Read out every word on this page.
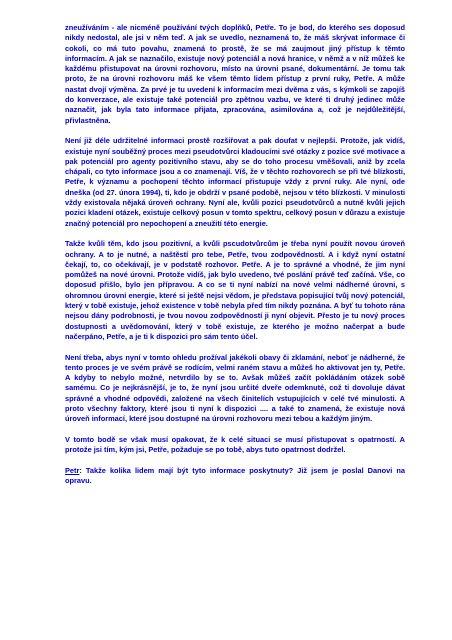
zneužíváním - ale nicméně používání tvých doplňků, Petře. To je bod, do kterého ses doposud nikdy nedostal, ale jsi v něm teď. A jak se uvedlo, neznamená to, že máš skrývat informace či cokoli, co má tuto povahu, znamená to prostě, že se má zaujmout jiný přístup k těmto informacím. A jak se naznačilo, existuje nový potenciál a nová hranice, v němž a v níž můžeš ke každému přistupovat na úrovni rozhovoru, místo na úrovni psané, dokumentární. Je tomu tak proto, že na úrovni rozhovoru máš ke všem těmto lidem přístup z první ruky, Petře. A může nastat dvojí výměna. Za prvé je tu uvedení k informacím mezi dvěma z vás, s kýmkoli se zapojíš do konverzace, ale existuje také potenciál pro zpětnou vazbu, ve které ti druhý jedinec může naznačit, jak byla tato informace přijata, zpracována, asimilována a, což je nejdůležitější, přivlastněna.

Není již déle udržitelné informaci prostě rozšiřovat a pak doufat v nejlepší. Protože, jak vidíš, existuje nyní souběžný proces mezi pseudotvůrci kladoucími své otázky z pozice své motivace a pak potenciál pro agenty pozitivního stavu, aby se do toho procesu vměšovali, aniž by zcela chápali, co tyto informace jsou a co znamenají. Víš, že v těchto rozhovorech se při tvé blízkosti, Petře, k významu a pochopení těchto informací přistupuje vždy z první ruky. Ale nyní, ode dneška (od 27. února 1994), ti, kdo je obdrží v psané podobě, nejsou v této blízkosti. V minulosti vždy existovala nějaká úroveň ochrany. Nyní ale, kvůli pozici pseudotvůrců a nutně kvůli jejich pozici kladení otázek, existuje celkový posun v tomto spektru, celkový posun v důrazu a existuje značný potenciál pro nepochopení a zneužití této energie.

Takže kvůli těm, kdo jsou pozitivní, a kvůli pscudotvůrcům je třeba nyní použít novou úroveň ochrany. A to je nutné, a naštěstí pro tebe, Petře, tvou zodpovědností. A i když nyní ostatní čekají, to, co očekávají, je v podstatě rozhovor. Petře. A je to správné a vhodné, že jim nyní pomůžeš na nové úrovni. Protože vidíš, jak bylo uvedeno, tvé poslání právě teď začíná. Vše, co doposud přišlo, bylo jen přípravou. A co se ti nyní nabízí na nové velmi nádherné úrovni, s ohromnou úrovní energie, které si ještě nejsi vědom, je představa popisující tvůj nový potenciál, který v tobě existuje, jehož existence v tobě nebyla před tím nikdy poznána. A byť tu tohoto rána nejsou dány podrobnosti, je tvou novou zodpovědností ji nyní objevit. Přesto je tu nový proces dostupnosti a uvědomování, který v tobě existuje, ze kterého je možno načerpat a bude načerpáno, Petře, a je ti k dispozici pro sám tento účel.

Není třeba, abys nyní v tomto ohledu prožíval jakékoli obavy či zklamání, neboť je nádherné, že tento proces je ve svém právě se rodícím, velmi raném stavu a můžeš ho aktivovat jen ty, Petře. A kdyby to nebylo možné, netvrdilo by se to. Avšak můžeš začít pokládáním otázek sobě samému. Co je nejkrásnější, je to, že nyní jsou určité dveře odemknuté, což ti dovoluje dávat správné a vhodné odpovědi, založené na všech činitelích vstupujících v celé tvé minulosti. A proto všechny faktory, které jsou ti nyní k dispozici .... a také to znamená, že existuje nová úroveň informací, které jsou dostupné na úrovni rozhovoru mezi tebou a každým jiným.

V tomto bodě se však musí opakovat, že k celé situaci se musí přistupovat s opatrností. A protože jsi tím, kým jsi, Petře, požaduje se po tobě, abys tuto opatrnost dodržel.

Petr: Takže kolika lidem mají být tyto informace poskytnuty? Již jsem je poslal Danovi na opravu.
